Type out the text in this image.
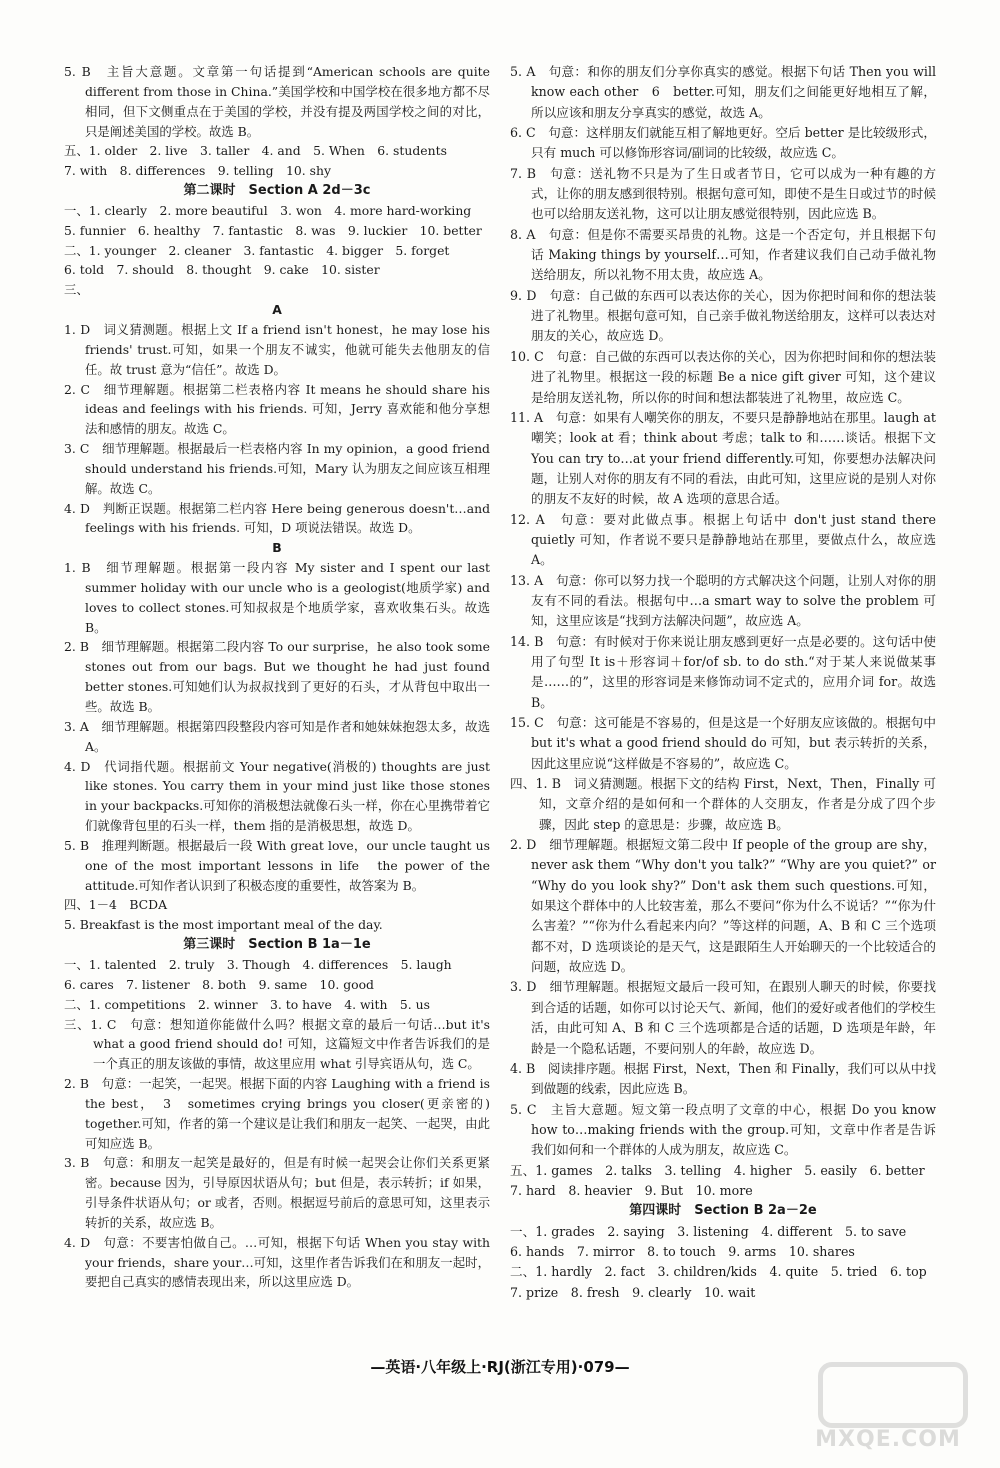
5. B　主旨大意题。文章第一句话提到“American schools are quite different from those in China.”美国学校和中国学校在很多地方都不尽相同，但下文侧重点在于美国的学校，并没有提及两国学校之间的对比，只是阐述美国的学校。故选 B。
五、1. older　2. live　3. taller　4. and　5. When　6. students
7. with　8. differences　9. telling　10. shy
第二课时　Section A 2d－3c
一、1. clearly　2. more beautiful　3. won　4. more hard-working
5. funnier　6. healthy　7. fantastic　8. was　9. luckier　10. better
二、1. younger　2. cleaner　3. fantastic　4. bigger　5. forget
6. told　7. should　8. thought　9. cake　10. sister
三、
A
1. D　词义猜测题。根据上文 If a friend isn't honest，he may lose his friends' trust.可知，如果一个朋友不诚实，他就可能失去他朋友的信任。故 trust 意为“信任”。故选 D。
2. C　细节理解题。根据第二栏表格内容 It means he should share his ideas and feelings with his friends. 可知，Jerry 喜欢能和他分享想法和感情的朋友。故选 C。
3. C　细节理解题。根据最后一栏表格内容 In my opinion，a good friend should understand his friends.可知，Mary 认为朋友之间应该互相理解。故选 C。
4. D　判断正误题。根据第二栏内容 Here being generous doesn't…and feelings with his friends. 可知，D 项说法错误。故选 D。
B
1. B　细节理解题。根据第一段内容 My sister and I spent our last summer holiday with our uncle who is a geologist(地质学家) and loves to collect stones.可知叔叔是个地质学家，喜欢收集石头。故选 B。
2. B　细节理解题。根据第二段内容 To our surprise，he also took some stones out from our bags. But we thought he had just found better stones.可知她们认为叔叔找到了更好的石头，才从背包中取出一些。故选 B。
3. A　细节理解题。根据第四段整段内容可知是作者和她妹妹抱怨太多，故选 A。
4. D　代词指代题。根据前文 Your negative(消极的) thoughts are just like stones. You carry them in your mind just like those stones in your backpacks.可知你的消极想法就像石头一样，你在心里携带着它们就像背包里的石头一样，them 指的是消极思想，故选 D。
5. B　推理判断题。根据最后一段 With great love，our uncle taught us one of the most important lessons in life　the power of the attitude.可知作者认识到了积极态度的重要性，故答案为 B。
四、1－4　BCDA
5. Breakfast is the most important meal of the day.
第三课时　Section B 1a－1e
一、1. talented　2. truly　3. Though　4. differences　5. laugh
6. cares　7. listener　8. both　9. same　10. good
二、1. competitions　2. winner　3. to have　4. with　5. us
三、1. C　句意：想知道你能做什么吗？根据文章的最后一句话…but it's what a good friend should do! 可知，这篇短文中作者告诉我们的是一个真正的朋友该做的事情，故这里应用 what 引导宾语从句，选 C。
2. B　句意：一起笑，一起哭。根据下面的内容 Laughing with a friend is the best，　3　sometimes crying brings you closer(更亲密的) together.可知，作者的第一个建议是让我们和朋友一起笑、一起哭，由此可知应选 B。
3. B　句意：和朋友一起笑是最好的，但是有时候一起哭会让你们关系更紧密。because 因为，引导原因状语从句；but 但是，表示转折；if 如果，引导条件状语从句；or 或者，否则。根据逗号前后的意思可知，这里表示转折的关系，故应选 B。
4. D　句意：不要害怕做自己。…可知，根据下句话 When you stay with your friends，share your…可知，这里作者告诉我们在和朋友一起时，要把自己真实的感情表现出来，所以这里应选 D。
5. A　句意：和你的朋友们分享你真实的感觉。根据下句话 Then you will know each other　6　better.可知，朋友们之间能更好地相互了解，所以应该和朋友分享真实的感觉，故选 A。
6. C　句意：这样朋友们就能互相了解地更好。空后 better 是比较级形式，只有 much 可以修饰形容词/副词的比较级，故应选 C。
7. B　句意：送礼物不只是为了生日或者节日，它可以成为一种有趣的方式，让你的朋友感到很特别。根据句意可知，即使不是生日或过节的时候也可以给朋友送礼物，这可以让朋友感觉很特别，因此应选 B。
8. A　句意：但是你不需要买昂贵的礼物。这是一个否定句，并且根据下句话 Making things by yourself…可知，作者建议我们自己动手做礼物送给朋友，所以礼物不用太贵，故应选 A。
9. D　句意：自己做的东西可以表达你的关心，因为你把时间和你的想法装进了礼物里。根据句意可知，自己亲手做礼物送给朋友，这样可以表达对朋友的关心，故应选 D。
10. C　句意：自己做的东西可以表达你的关心，因为你把时间和你的想法装进了礼物里。根据这一段的标题 Be a nice gift giver 可知，这个建议是给朋友送礼物，所以你的时间和想法都装进了礼物里，故应选 C。
11. A　句意：如果有人嘲笑你的朋友，不要只是静静地站在那里。laugh at 嘲笑；look at 看；think about 考虑；talk to 和……谈话。根据下文 You can try to…at your friend differently.可知，你要想办法解决问题，让别人对你的朋友有不同的看法，由此可知，这里应说的是别人对你的朋友不友好的时候，故 A 选项的意思合适。
12. A　句意：要对此做点事。根据上句话中 don't just stand there quietly 可知，作者说不要只是静静地站在那里，要做点什么，故应选 A。
13. A　句意：你可以努力找一个聪明的方式解决这个问题，让别人对你的朋友有不同的看法。根据句中…a smart way to solve the problem 可知，这里应该是“找到方法解决问题”，故应选 A。
14. B　句意：有时候对于你来说让朋友感到更好一点是必要的。这句话中使用了句型 It is＋形容词＋for/of sb. to do sth.“对于某人来说做某事是……的”，这里的形容词是来修饰动词不定式的，应用介词 for。故选 B。
15. C　句意：这可能是不容易的，但是这是一个好朋友应该做的。根据句中 but it's what a good friend should do 可知，but 表示转折的关系，因此这里应说“这样做是不容易的”，故应选 C。
四、1. B　词义猜测题。根据下文的结构 First，Next，Then，Finally 可知，文章介绍的是如何和一个群体的人交朋友，作者是分成了四个步骤，因此 step 的意思是：步骤，故应选 B。
2. D　细节理解题。根据短文第二段中 If people of the group are shy，never ask them “Why don't you talk?” “Why are you quiet?” or “Why do you look shy?” Don't ask them such questions.可知，如果这个群体中的人比较害羞，那么不要问“你为什么不说话？”“你为什么害羞？”“你为什么看起来内向？”等这样的问题，A、B 和 C 三个选项都不对，D 选项谈论的是天气，这是跟陌生人开始聊天的一个比较适合的问题，故应选 D。
3. D　细节理解题。根据短文最后一段可知，在跟别人聊天的时候，你要找到合适的话题，如你可以讨论天气、新闻，他们的爱好或者他们的学校生活，由此可知 A、B 和 C 三个选项都是合适的话题，D 选项是年龄，年龄是一个隐私话题，不要问别人的年龄，故应选 D。
4. B　阅读排序题。根据 First，Next，Then 和 Finally，我们可以从中找到做题的线索，因此应选 B。
5. C　主旨大意题。短文第一段点明了文章的中心，根据 Do you know how to…making friends with the group.可知，文章中作者是告诉我们如何和一个群体的人成为朋友，故应选 C。
五、1. games　2. talks　3. telling　4. higher　5. easily　6. better
7. hard　8. heavier　9. But　10. more
第四课时　Section B 2a－2e
一、1. grades　2. saying　3. listening　4. different　5. to save
6. hands　7. mirror　8. to touch　9. arms　10. shares
二、1. hardly　2. fact　3. children/kids　4. quite　5. tried　6. top
7. prize　8. fresh　9. clearly　10. wait
—英语·八年级上·RJ(浙江专用)·079—
MXQE.COM
